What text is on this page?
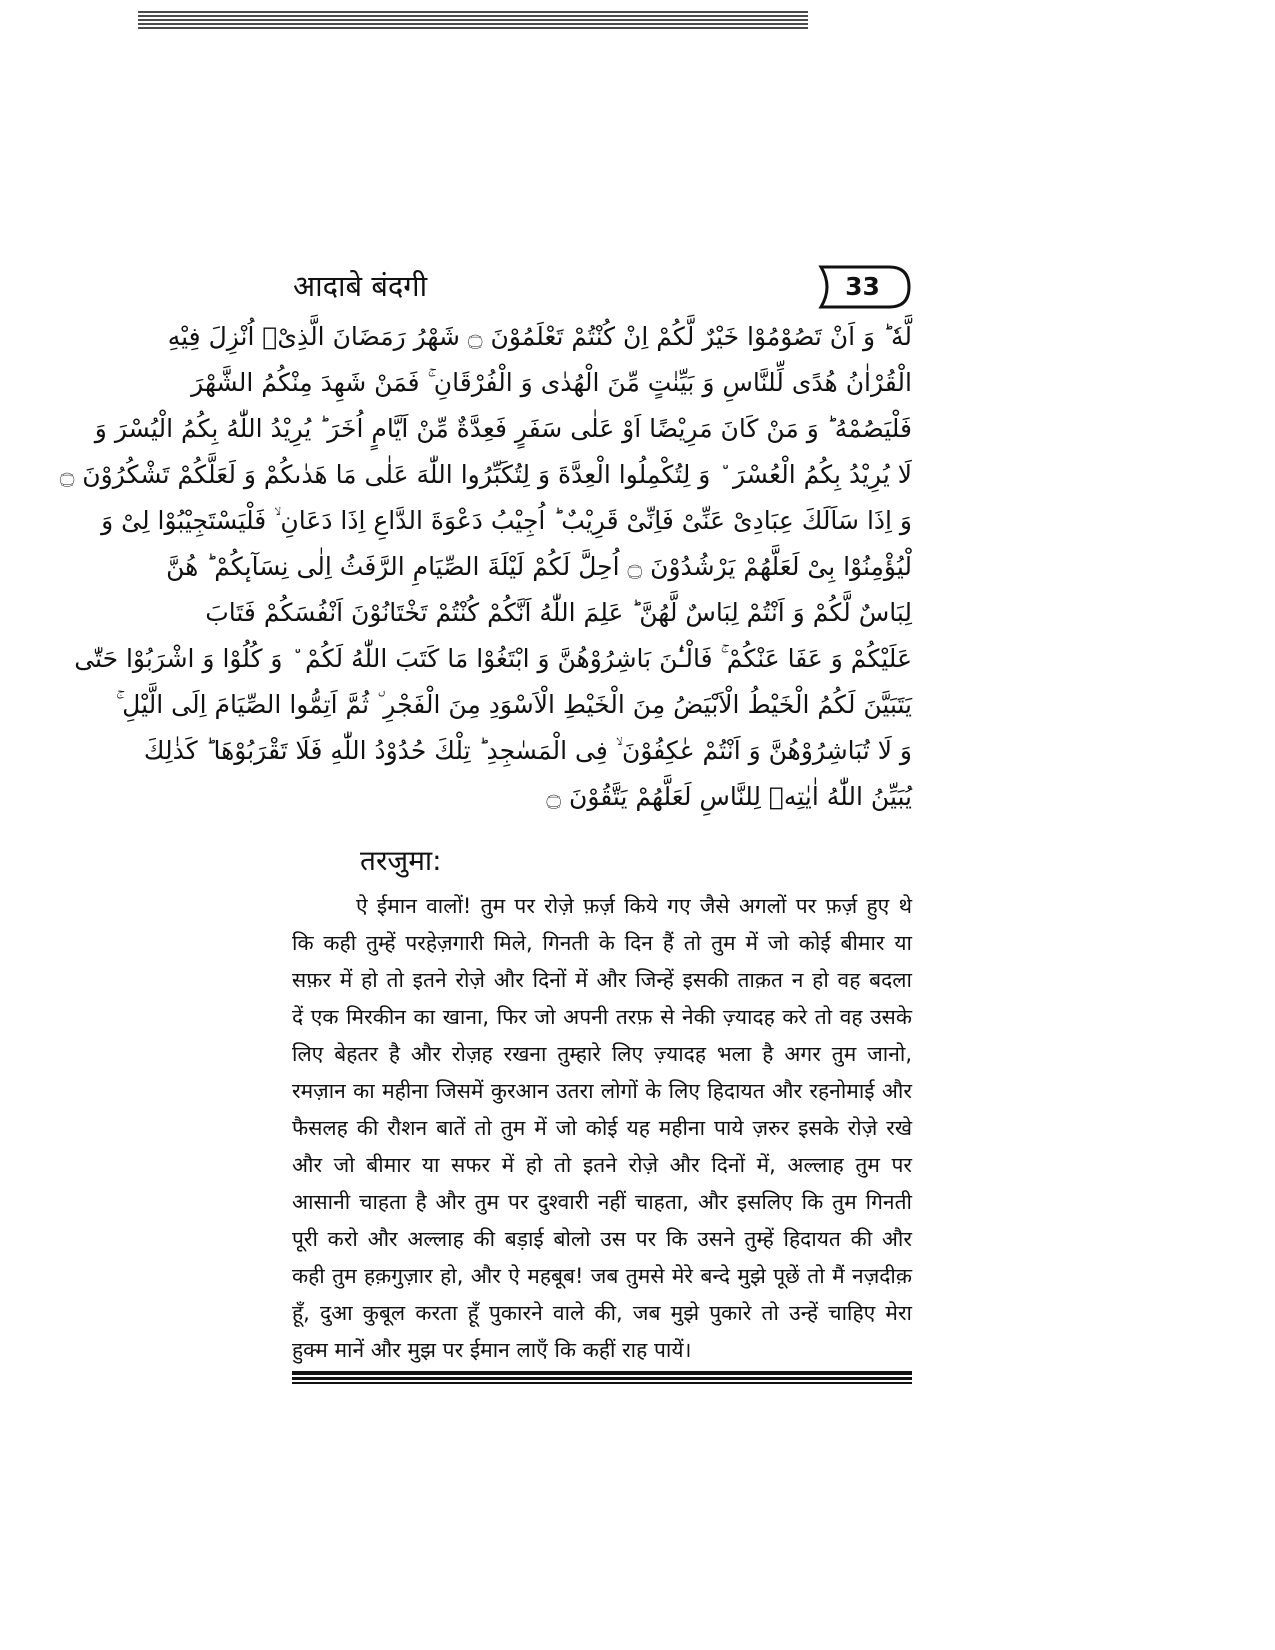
आदाबे बंदगी	33
لَّهٗ ؕ وَ اَنْ تَصُوْمُوْا خَیْرٌ لَّكُمْ اِنْ كُنْتُمْ تَعْلَمُوْنَ ۝ شَهْرُ رَمَضَانَ الَّذِیْۤ اُنْزِلَ فِیْهِ
الْقُرْاٰنُ هُدًى لِّلنَّاسِ وَ بَیِّنٰتٍ مِّنَ الْهُدٰى وَ الْفُرْقَانِ ۚ فَمَنْ شَهِدَ مِنْكُمُ الشَّهْرَ
فَلْیَصُمْهُ ؕ وَ مَنْ كَانَ مَرِیْضًا اَوْ عَلٰى سَفَرٍ فَعِدَّةٌ مِّنْ اَیَّامٍ اُخَرَ ؕ یُرِیْدُ اللّٰهُ بِكُمُ الْیُسْرَ وَ
لَا یُرِیْدُ بِكُمُ الْعُسْرَ ٘ وَ لِتُكْمِلُوا الْعِدَّةَ وَ لِتُكَبِّرُوا اللّٰهَ عَلٰى مَا هَدٰىكُمْ وَ لَعَلَّكُمْ تَشْكُرُوْنَ ۝
وَ اِذَا سَاَلَكَ عِبَادِیْ عَنِّیْ فَاِنِّیْ قَرِیْبٌ ؕ اُجِیْبُ دَعْوَةَ الدَّاعِ اِذَا دَعَانِ ۙ فَلْیَسْتَجِیْبُوْا لِیْ وَ
لْیُؤْمِنُوْا بِیْ لَعَلَّهُمْ یَرْشُدُوْنَ ۝ اُحِلَّ لَكُمْ لَیْلَةَ الصِّیَامِ الرَّفَثُ اِلٰى نِسَآىٕكُمْ ؕ هُنَّ
لِبَاسٌ لَّكُمْ وَ اَنْتُمْ لِبَاسٌ لَّهُنَّ ؕ عَلِمَ اللّٰهُ اَنَّكُمْ كُنْتُمْ تَخْتَانُوْنَ اَنْفُسَكُمْ فَتَابَ
عَلَیْكُمْ وَ عَفَا عَنْكُمْ ۚ فَالْـٰٔنَ بَاشِرُوْهُنَّ وَ ابْتَغُوْا مَا كَتَبَ اللّٰهُ لَكُمْ ٘ وَ كُلُوْا وَ اشْرَبُوْا حَتّٰى
یَتَبَیَّنَ لَكُمُ الْخَیْطُ الْاَبْیَضُ مِنَ الْخَیْطِ الْاَسْوَدِ مِنَ الْفَجْرِ ٘ ثُمَّ اَتِمُّوا الصِّیَامَ اِلَى الَّیْلِ ۚ
وَ لَا تُبَاشِرُوْهُنَّ وَ اَنْتُمْ عٰكِفُوْنَ ۙ فِی الْمَسٰجِدِ ؕ تِلْكَ حُدُوْدُ اللّٰهِ فَلَا تَقْرَبُوْهَا ؕ كَذٰلِكَ
یُبَیِّنُ اللّٰهُ اٰیٰتِهٖ لِلنَّاسِ لَعَلَّهُمْ یَتَّقُوْنَ ۝
तरजुमा:
ऐ ईमान वालों! तुम पर रोज़े फ़र्ज़ किये गए जैसे अगलों पर फ़र्ज़ हुए थे
कि कही तुम्हें परहेज़गारी मिले, गिनती के दिन हैं तो तुम में जो कोई बीमार या
सफ़र में हो तो इतने रोज़े और दिनों में और जिन्हें इसकी ताक़त न हो वह बदला
दें एक मिरकीन का खाना, फिर जो अपनी तरफ़ से नेकी ज़्यादह करे तो वह उसके
लिए बेहतर है और रोज़ह रखना तुम्हारे लिए ज़्यादह भला है अगर तुम जानो,
रमज़ान का महीना जिसमें कुरआन उतरा लोगों के लिए हिदायत और रहनोमाई और
फैसलह की रौशन बातें तो तुम में जो कोई यह महीना पाये ज़रुर इसके रोज़े रखे
और जो बीमार या सफर में हो तो इतने रोज़े और दिनों में, अल्लाह तुम पर
आसानी चाहता है और तुम पर दुश्वारी नहीं चाहता, और इसलिए कि तुम गिनती
पूरी करो और अल्लाह की बड़ाई बोलो उस पर कि उसने तुम्हें हिदायत की और
कही तुम हक़गुज़ार हो, और ऐ महबूब! जब तुमसे मेरे बन्दे मुझे पूछें तो मैं नज़दीक़
हूँ, दुआ कुबूल करता हूँ पुकारने वाले की, जब मुझे पुकारे तो उन्हें चाहिए मेरा
हुक्म मानें और मुझ पर ईमान लाएँ कि कहीं राह पायें।
